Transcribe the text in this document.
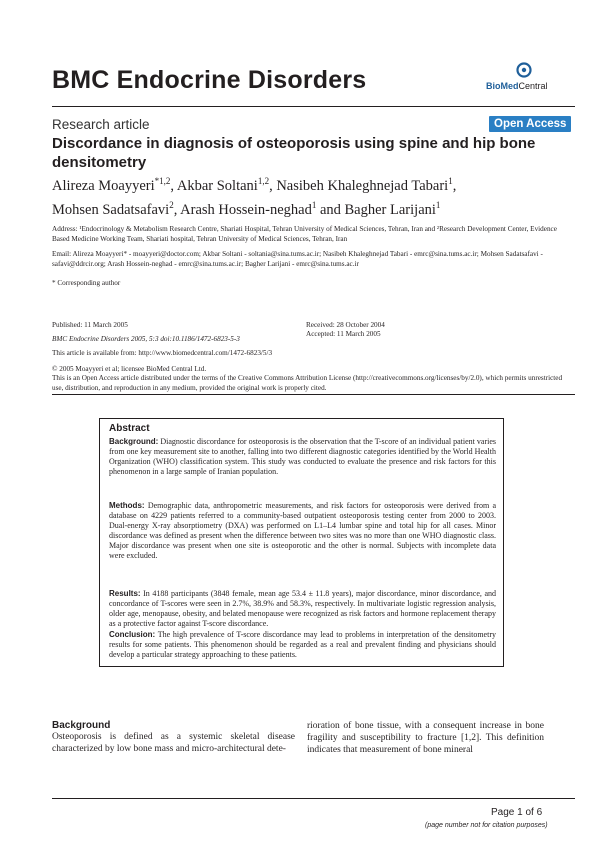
BMC Endocrine Disorders	BioMedCentral
Research article	Open Access
Discordance in diagnosis of osteoporosis using spine and hip bone densitometry
Alireza Moayyeri$^{*1,2}$, Akbar Soltani$^{1,2}$, Nasibeh Khaleghnejad Tabari$^1$,
Mohsen Sadatsafavi$^2$, Arash Hossein-neghad$^1$ and Bagher Larijani$^1$
Address: ¹Endocrinology & Metabolism Research Centre, Shariati Hospital, Tehran University of Medical Sciences, Tehran, Iran and ²Research Development Center, Evidence Based Medicine Working Team, Shariati hospital, Tehran University of Medical Sciences, Tehran, Iran
Email: Alireza Moayyeri* - moayyeri@doctor.com; Akbar Soltani - soltania@sina.tums.ac.ir; Nasibeh Khaleghnejad Tabari - emrc@sina.tums.ac.ir; Mohsen Sadatsafavi - safavi@ddrcir.org; Arash Hossein-neghad - emrc@sina.tums.ac.ir; Bagher Larijani - emrc@sina.tums.ac.ir
* Corresponding author
Published: 11 March 2005	Received: 28 October 2004
Accepted: 11 March 2005
BMC Endocrine Disorders 2005, 5:3 doi:10.1186/1472-6823-5-3
This article is available from: http://www.biomedcentral.com/1472-6823/5/3
© 2005 Moayyeri et al; licensee BioMed Central Ltd.
This is an Open Access article distributed under the terms of the Creative Commons Attribution License (http://creativecommons.org/licenses/by/2.0), which permits unrestricted use, distribution, and reproduction in any medium, provided the original work is properly cited.
Abstract
Background: Diagnostic discordance for osteoporosis is the observation that the T-score of an individual patient varies from one key measurement site to another, falling into two different diagnostic categories identified by the World Health Organization (WHO) classification system. This study was conducted to evaluate the presence and risk factors for this phenomenon in a large sample of Iranian population.
Methods: Demographic data, anthropometric measurements, and risk factors for osteoporosis were derived from a database on 4229 patients referred to a community-based outpatient osteoporosis testing center from 2000 to 2003. Dual-energy X-ray absorptiometry (DXA) was performed on L1–L4 lumbar spine and total hip for all cases. Minor discordance was defined as present when the difference between two sites was no more than one WHO diagnostic class. Major discordance was present when one site is osteoporotic and the other is normal. Subjects with incomplete data were excluded.
Results: In 4188 participants (3848 female, mean age 53.4 ± 11.8 years), major discordance, minor discordance, and concordance of T-scores were seen in 2.7%, 38.9% and 58.3%, respectively. In multivariate logistic regression analysis, older age, menopause, obesity, and belated menopause were recognized as risk factors and hormone replacement therapy as a protective factor against T-score discordance.
Conclusion: The high prevalence of T-score discordance may lead to problems in interpretation of the densitometry results for some patients. This phenomenon should be regarded as a real and prevalent finding and physicians should develop a particular strategy approaching to these patients.
Background
Osteoporosis is defined as a systemic skeletal disease characterized by low bone mass and micro-architectural dete-
rioration of bone tissue, with a consequent increase in bone fragility and susceptibility to fracture [1,2]. This definition indicates that measurement of bone mineral
Page 1 of 6
(page number not for citation purposes)
